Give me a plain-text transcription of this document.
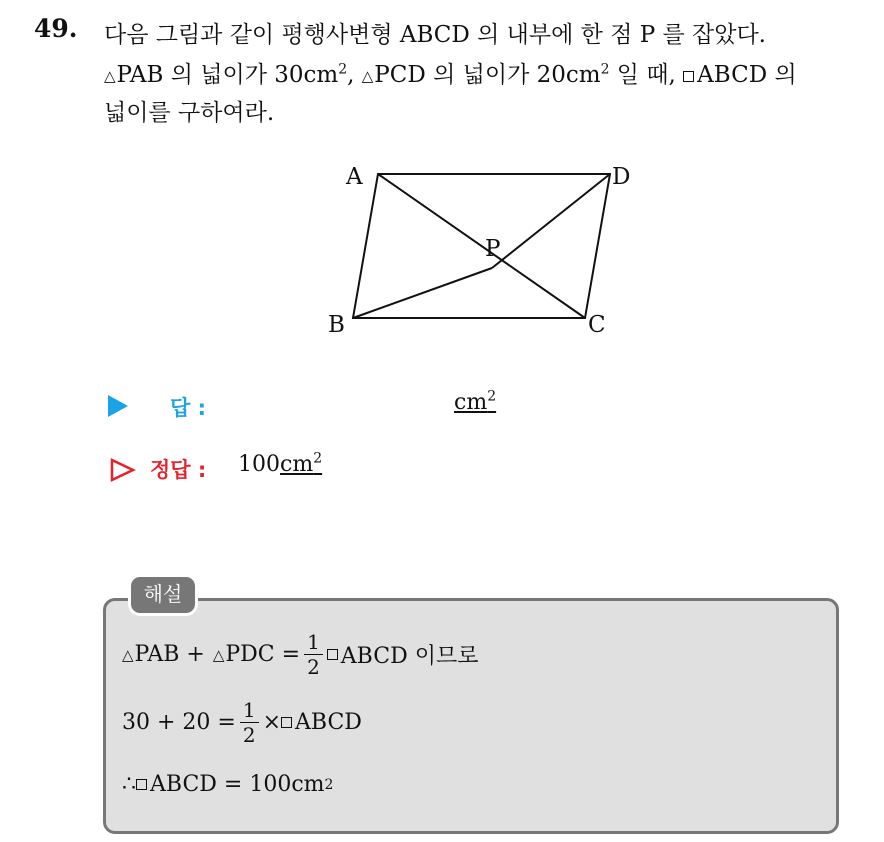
49. 다음 그림과 같이 평행사변형 ABCD 의 내부에 한 점 P 를 잡았다.
△PAB 의 넓이가 $30cm^2$, △PCD 의 넓이가 $20cm^2$ 일 때, ABCD 의
넓이를 구하여라.
A	D
B	C
P
답 :	$cm^2$
정답 : $100cm^2$
해설
△ PAB + △ PDC = $\frac{1}{2}$ ABCD 이므로
$30 + 20 = \frac{1}{2}$ × ABCD
∴ ABCD = 100cm 2
